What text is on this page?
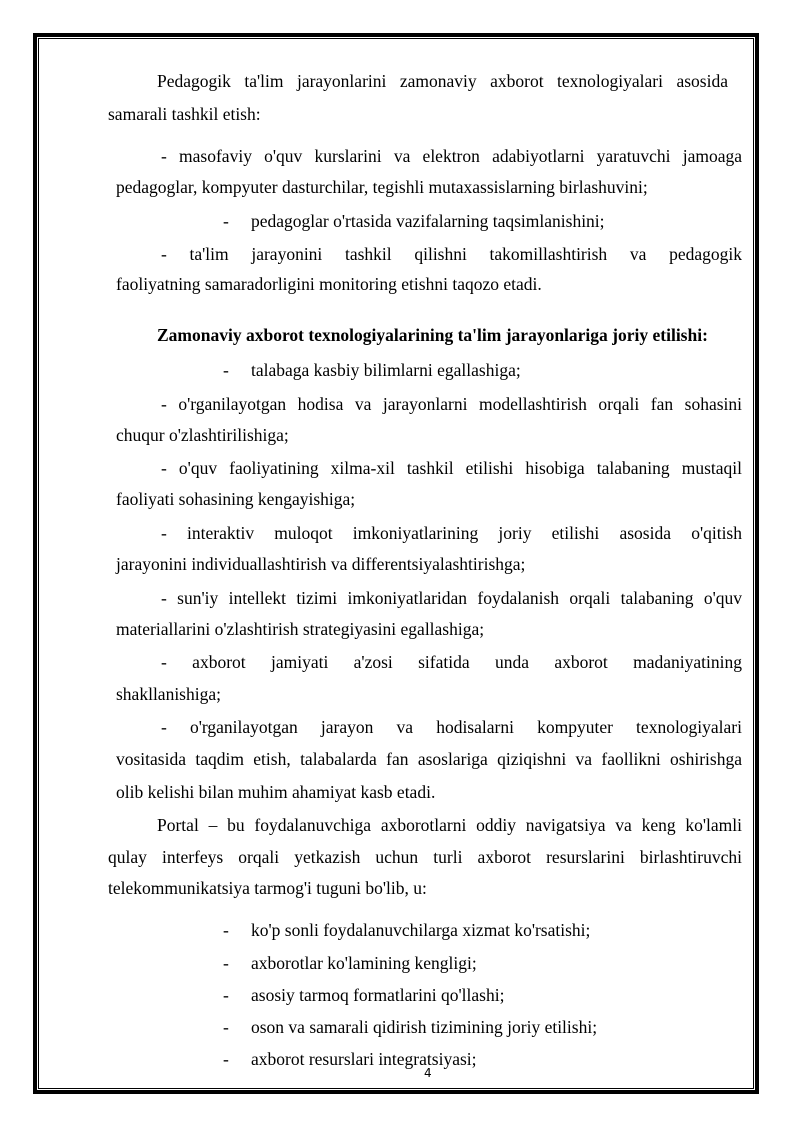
Pedagogik ta'lim jarayonlarini zamonaviy axborot texnologiyalari asosida
samarali tashkil etish:
- masofaviy o'quv kurslarini va elektron adabiyotlarni yaratuvchi jamoaga
pedagoglar, kompyuter dasturchilar, tegishli mutaxassislarning birlashuvini;
- pedagoglar o'rtasida vazifalarning taqsimlanishini;
- ta'lim jarayonini tashkil qilishni takomillashtirish va pedagogik
faoliyatning samaradorligini monitoring etishni taqozo etadi.
Zamonaviy axborot texnologiyalarining ta'lim jarayonlariga joriy etilishi:
- talabaga kasbiy bilimlarni egallashiga;
- o'rganilayotgan hodisa va jarayonlarni modellashtirish orqali fan sohasini
chuqur o'zlashtirilishiga;
- o'quv faoliyatining xilma-xil tashkil etilishi hisobiga talabaning mustaqil
faoliyati sohasining kengayishiga;
- interaktiv muloqot imkoniyatlarining joriy etilishi asosida o'qitish
jarayonini individuallashtirish va differentsiyalashtirishga;
- sun'iy intellekt tizimi imkoniyatlaridan foydalanish orqali talabaning o'quv
materiallarini o'zlashtirish strategiyasini egallashiga;
- axborot jamiyati a'zosi sifatida unda axborot madaniyatining
shakllanishiga;
- o'rganilayotgan jarayon va hodisalarni kompyuter texnologiyalari
vositasida taqdim etish, talabalarda fan asoslariga qiziqishni va faollikni oshirishga
olib kelishi bilan muhim ahamiyat kasb etadi.
Portal – bu foydalanuvchiga axborotlarni oddiy navigatsiya va keng ko'lamli
qulay interfeys orqali yetkazish uchun turli axborot resurslarini birlashtiruvchi
telekommunikatsiya tarmog'i tuguni bo'lib, u:
- ko'p sonli foydalanuvchilarga xizmat ko'rsatishi;
- axborotlar ko'lamining kengligi;
- asosiy tarmoq formatlarini qo'llashi;
- oson va samarali qidirish tizimining joriy etilishi;
- axborot resurslari integratsiyasi;
4
